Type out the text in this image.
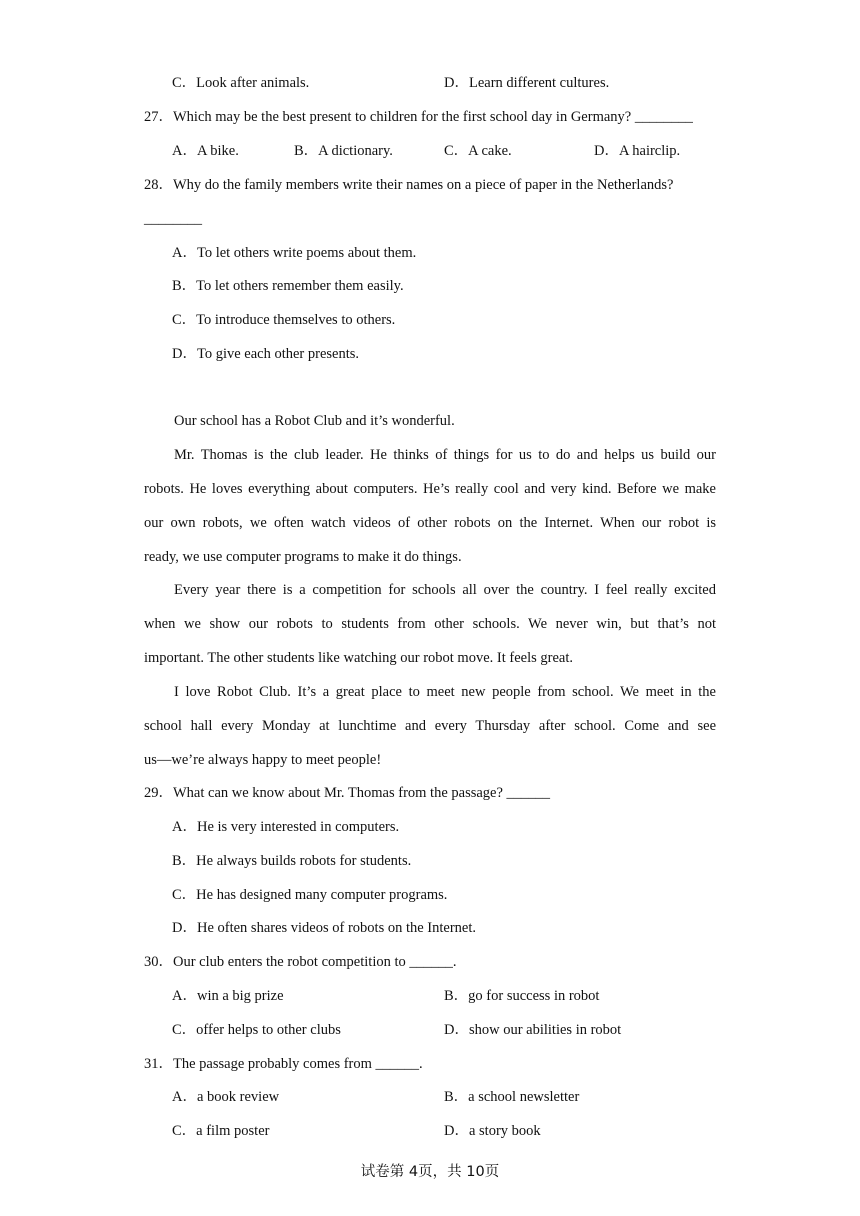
C．Look after animals.	D．Learn different cultures.
27．Which may be the best present to children for the first school day in Germany? ________
A．A bike.	B．A dictionary.	C．A cake.	D．A hairclip.
28．Why do the family members write their names on a piece of paper in the Netherlands?
________
A．To let others write poems about them.
B．To let others remember them easily.
C．To introduce themselves to others.
D．To give each other presents.
Our school has a Robot Club and it’s wonderful.
Mr. Thomas is the club leader. He thinks of things for us to do and helps us build our
robots. He loves everything about computers. He’s really cool and very kind. Before we make
our own robots, we often watch videos of other robots on the Internet. When our robot is
ready, we use computer programs to make it do things.
Every year there is a competition for schools all over the country. I feel really excited
when we show our robots to students from other schools. We never win, but that’s not
important. The other students like watching our robot move. It feels great.
I love Robot Club. It’s a great place to meet new people from school. We meet in the
school hall every Monday at lunchtime and every Thursday after school. Come and see
us—we’re always happy to meet people!
29．What can we know about Mr. Thomas from the passage? ______
A．He is very interested in computers.
B．He always builds robots for students.
C．He has designed many computer programs.
D．He often shares videos of robots on the Internet.
30．Our club enters the robot competition to ______.
A．win a big prize	B．go for success in robot
C．offer helps to other clubs	D．show our abilities in robot
31．The passage probably comes from ______.
A．a book review	B．a school newsletter
C．a film poster	D．a story book
试卷第 4页，共 10页
